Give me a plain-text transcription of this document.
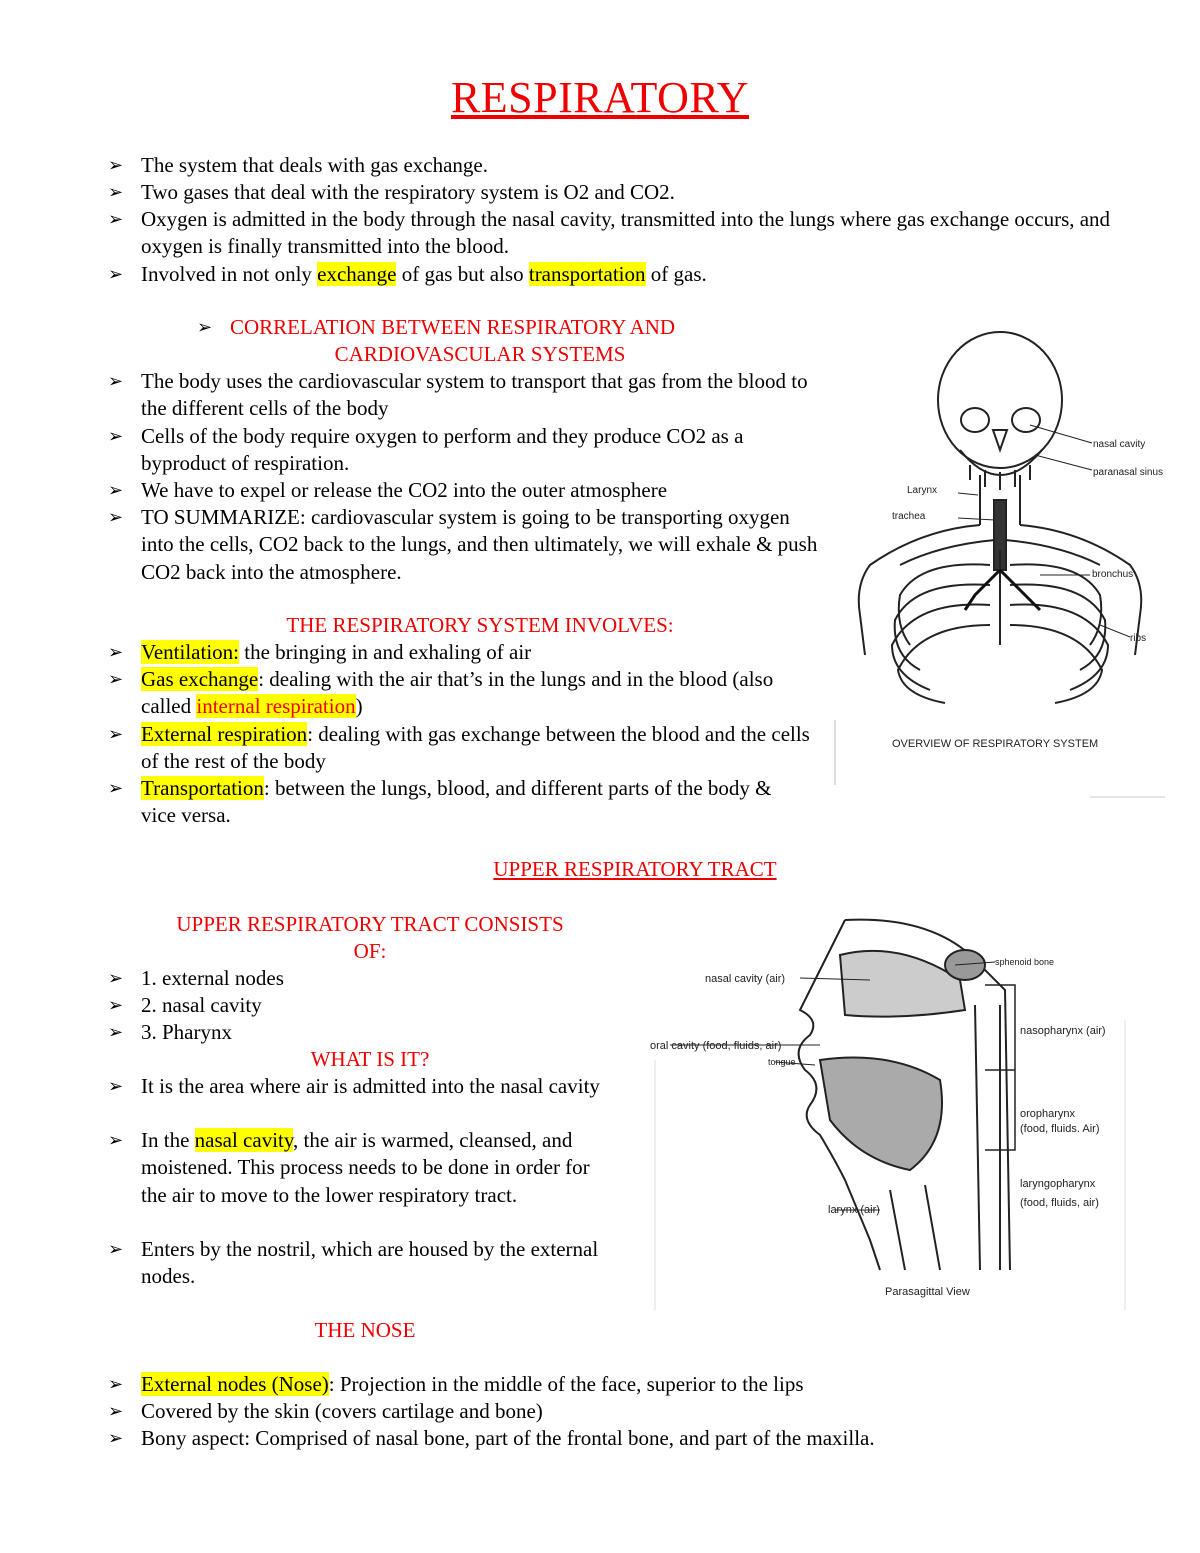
RESPIRATORY
➢ The system that deals with gas exchange.
➢ Two gases that deal with the respiratory system is O2 and CO2.
➢ Oxygen is admitted in the body through the nasal cavity, transmitted into the lungs where gas exchange occurs, and oxygen is finally transmitted into the blood.
➢ Involved in not only exchange of gas but also transportation of gas.
➢ CORRELATION BETWEEN RESPIRATORY AND
CARDIOVASCULAR SYSTEMS
➢ The body uses the cardiovascular system to transport that gas from the blood to the different cells of the body
➢ Cells of the body require oxygen to perform and they produce CO2 as a byproduct of respiration.
➢ We have to expel or release the CO2 into the outer atmosphere
➢ TO SUMMARIZE: cardiovascular system is going to be transporting oxygen into the cells, CO2 back to the lungs, and then ultimately, we will exhale & push CO2 back into the atmosphere.
THE RESPIRATORY SYSTEM INVOLVES:
➢ Ventilation: the bringing in and exhaling of air
➢ Gas exchange: dealing with the air that’s in the lungs and in the blood (also called internal respiration)
➢ External respiration: dealing with gas exchange between the blood and the cells of the rest of the body
➢ Transportation: between the lungs, blood, and different parts of the body & vice versa.
UPPER RESPIRATORY TRACT
UPPER RESPIRATORY TRACT CONSISTS
OF:
➢ 1. external nodes
➢ 2. nasal cavity
➢ 3. Pharynx
WHAT IS IT?
➢ It is the area where air is admitted into the nasal cavity
➢ In the nasal cavity, the air is warmed, cleansed, and moistened. This process needs to be done in order for the air to move to the lower respiratory tract.
➢ Enters by the nostril, which are housed by the external nodes.
THE NOSE
➢ External nodes (Nose): Projection in the middle of the face, superior to the lips
➢ Covered by the skin (covers cartilage and bone)
➢ Bony aspect: Comprised of nasal bone, part of the frontal bone, and part of the maxilla.
nasal cavity
paranasal sinus
Larynx
trachea
bronchus
ribs
OVERVIEW OF RESPIRATORY SYSTEM
sphenoid bone
nasal cavity (air)
nasopharynx (air)
oral cavity (food, fluids, air)
tongue
oropharynx
(food, fluids. Air)
laryngopharynx
(food, fluids, air)
larynx (air)
Parasagittal View
